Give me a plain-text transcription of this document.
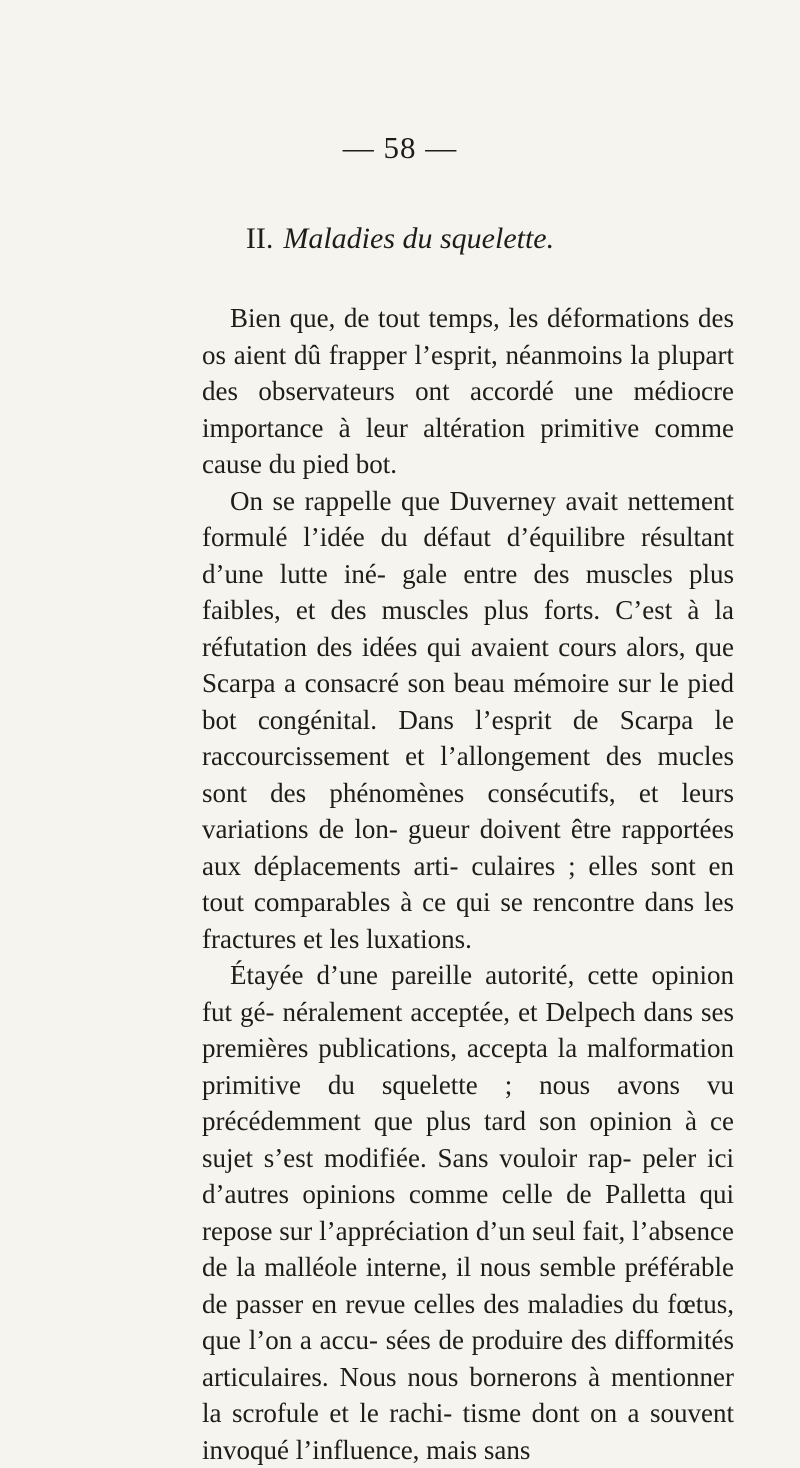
— 58 —
II. Maladies du squelette.

Bien que, de tout temps, les déformations des os aient dû frapper l’esprit, néanmoins la plupart des observateurs ont accordé une médiocre importance à leur altération primitive comme cause du pied bot.

On se rappelle que Duverney avait nettement formulé l’idée du défaut d’équilibre résultant d’une lutte iné- gale entre des muscles plus faibles, et des muscles plus forts. C’est à la réfutation des idées qui avaient cours alors, que Scarpa a consacré son beau mémoire sur le pied bot congénital. Dans l’esprit de Scarpa le raccourcissement et l’allongement des mucles sont des phénomènes consécutifs, et leurs variations de lon- gueur doivent être rapportées aux déplacements arti- culaires ; elles sont en tout comparables à ce qui se rencontre dans les fractures et les luxations.

Étayée d’une pareille autorité, cette opinion fut gé- néralement acceptée, et Delpech dans ses premières publications, accepta la malformation primitive du squelette ; nous avons vu précédemment que plus tard son opinion à ce sujet s’est modifiée. Sans vouloir rap- peler ici d’autres opinions comme celle de Palletta qui repose sur l’appréciation d’un seul fait, l’absence de la malléole interne, il nous semble préférable de passer en revue celles des maladies du fœtus, que l’on a accu- sées de produire des difformités articulaires. Nous nous bornerons à mentionner la scrofule et le rachi- tisme dont on a souvent invoqué l’influence, mais sans
